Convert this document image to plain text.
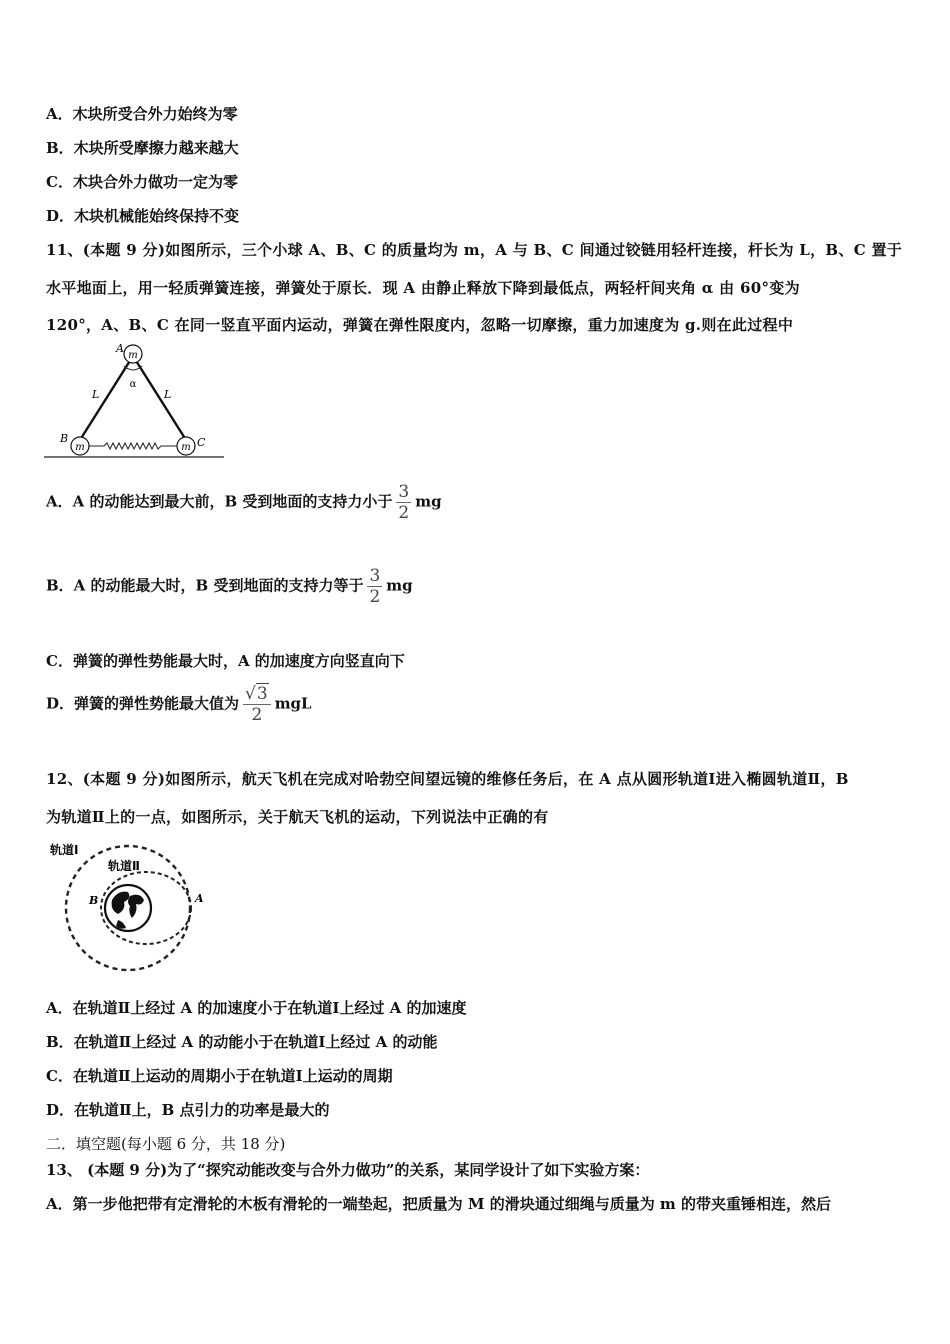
A．木块所受合外力始终为零
B．木块所受摩擦力越来越大
C．木块合外力做功一定为零
D．木块机械能始终保持不变
11、(本题 9 分)如图所示，三个小球 A、B、C 的质量均为 m，A 与 B、C 间通过铰链用轻杆连接，杆长为 L，B、C 置于
水平地面上，用一轻质弹簧连接，弹簧处于原长．现 A 由静止释放下降到最低点，两轻杆间夹角 α 由 60°变为
120°，A、B、C 在同一竖直平面内运动，弹簧在弹性限度内，忽略一切摩擦，重力加速度为 g.则在此过程中
m
m	m
A
B	C
L	L
α
A．A 的动能达到最大前，B 受到地面的支持力小于 $\frac{3}{2}$ mg
B．A 的动能最大时，B 受到地面的支持力等于 $\frac{3}{2}$ mg
C．弹簧的弹性势能最大时，A 的加速度方向竖直向下
D．弹簧的弹性势能最大值为 $\frac{√3}{2}$ mgL
12、(本题 9 分)如图所示，航天飞机在完成对哈勃空间望远镜的维修任务后，在 A 点从圆形轨道Ⅰ进入椭圆轨道Ⅱ，B
为轨道Ⅱ上的一点，如图所示，关于航天飞机的运动，下列说法中正确的有
轨道Ⅰ
轨道Ⅱ
B	A
A．在轨道Ⅱ上经过 A 的加速度小于在轨道Ⅰ上经过 A 的加速度
B．在轨道Ⅱ上经过 A 的动能小于在轨道Ⅰ上经过 A 的动能
C．在轨道Ⅱ上运动的周期小于在轨道Ⅰ上运动的周期
D．在轨道Ⅱ上，B 点引力的功率是最大的
二．填空题(每小题 6 分，共 18 分)
13、 (本题 9 分)为了“探究动能改变与合外力做功”的关系，某同学设计了如下实验方案：
A．第一步他把带有定滑轮的木板有滑轮的一端垫起，把质量为 M 的滑块通过细绳与质量为 m 的带夹重锤相连，然后
